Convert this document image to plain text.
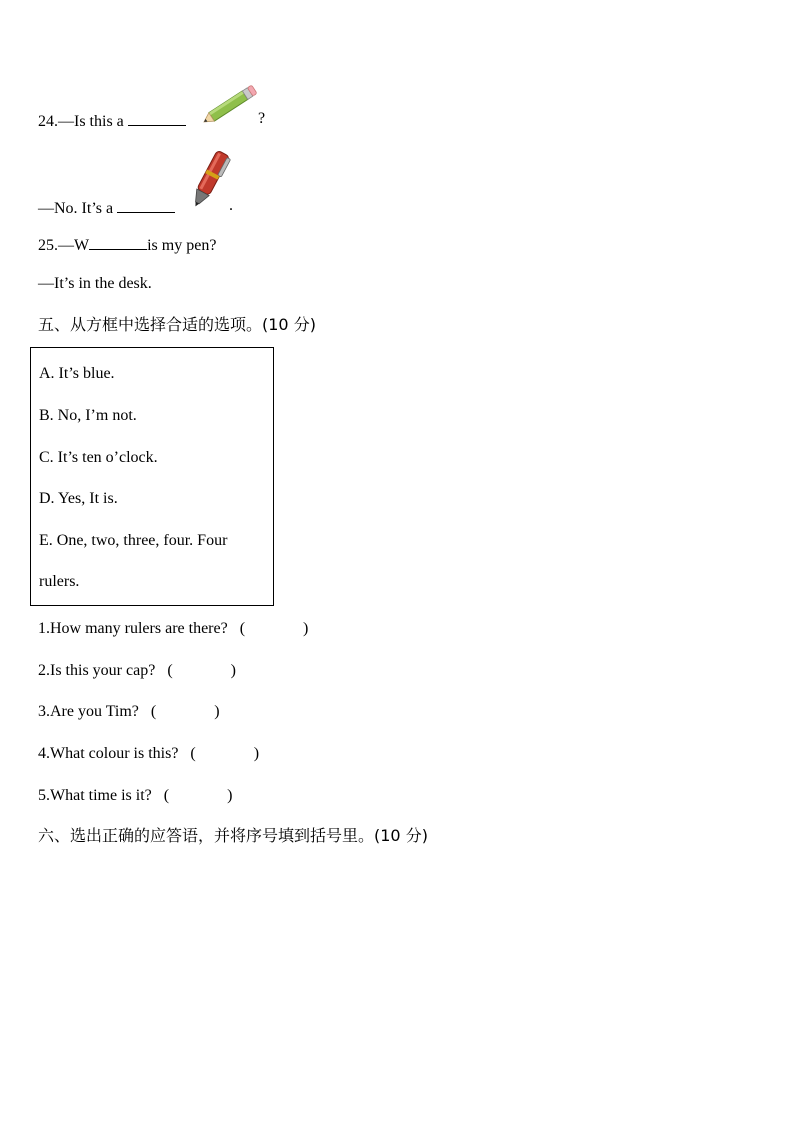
24.—Is this a	?
—No. It’s a	.
25.—W	is my pen?
—It’s in the desk.
五、从方框中选择合适的选项。(10 分)
A. It’s blue.
B. No, I’m not.
C. It’s ten o’clock.
D. Yes, It is.
E. One, two, three, four. Four
rulers.
1.How many rulers are there? (	)
2.Is this your cap? (	)
3.Are you Tim? (	)
4.What colour is this? (	)
5.What time is it? (	)
六、选出正确的应答语，并将序号填到括号里。(10 分)
